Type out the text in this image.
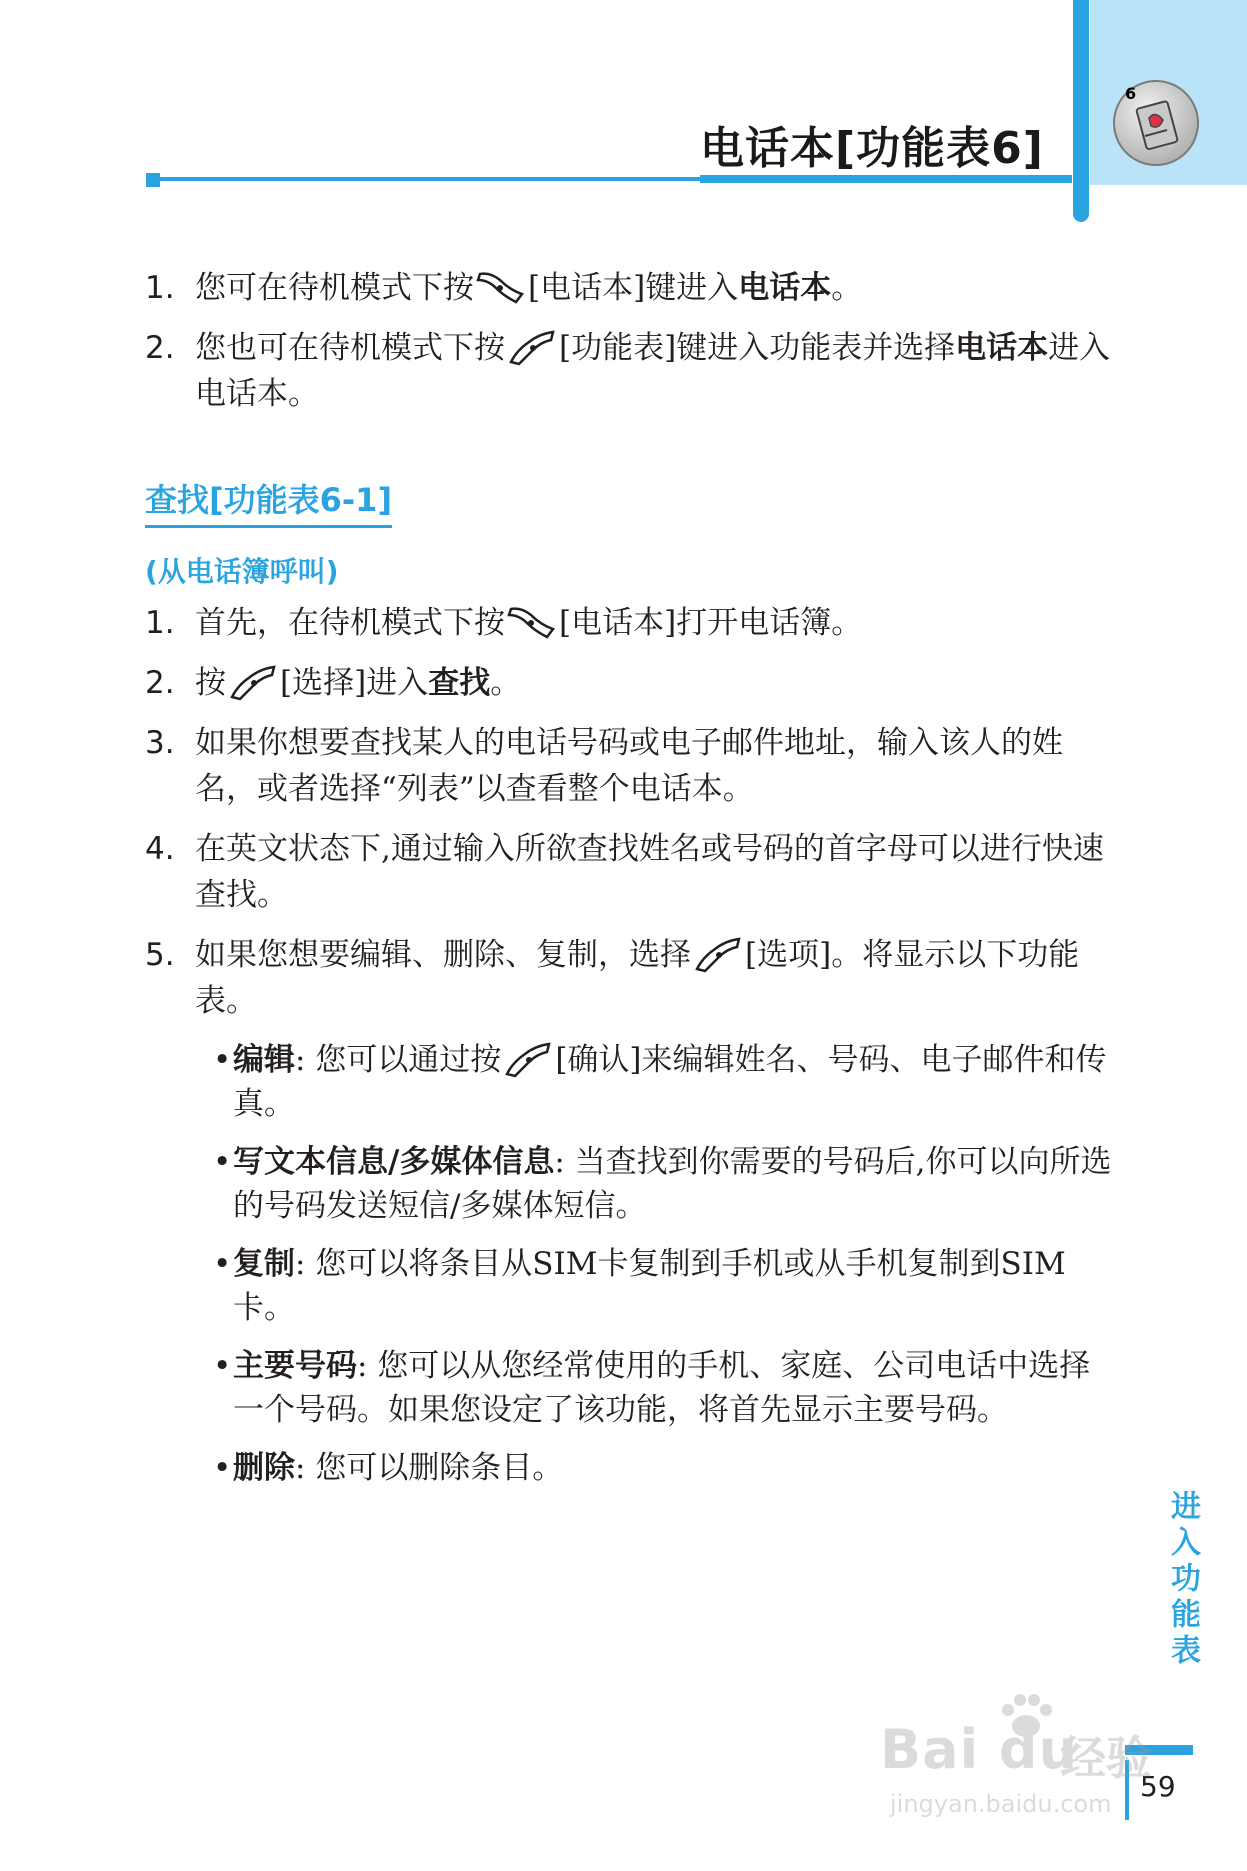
6
电话本[功能表6]

1. 您可在待机模式下按 [电话本]键进入电话本。

2. 您也可在待机模式下按 [功能表]键进入功能表并选择电话本进入电话本。

查找[功能表6-1]
(从电话簿呼叫)

1. 首先，在待机模式下按 [电话本]打开电话簿。

2. 按 [选择]进入查找。

3. 如果你想要查找某人的电话号码或电子邮件地址，输入该人的姓名，或者选择“列表”以查看整个电话本。

4. 在英文状态下,通过输入所欲查找姓名或号码的首字母可以进行快速查找。

5. 如果您想要编辑、删除、复制，选择 [选项]。将显示以下功能表。

• 编辑: 您可以通过按 [确认]来编辑姓名、号码、电子邮件和传真。
• 写文本信息/多媒体信息: 当查找到你需要的号码后,你可以向所选的号码发送短信/多媒体短信。
• 复制: 您可以将条目从SIM卡复制到手机或从手机复制到SIM卡。
• 主要号码: 您可以从您经常使用的手机、家庭、公司电话中选择一个号码。如果您设定了该功能，将首先显示主要号码。
• 删除: 您可以删除条目。
进入功能表
59
Bai du
经验
jingyan.baidu.com
